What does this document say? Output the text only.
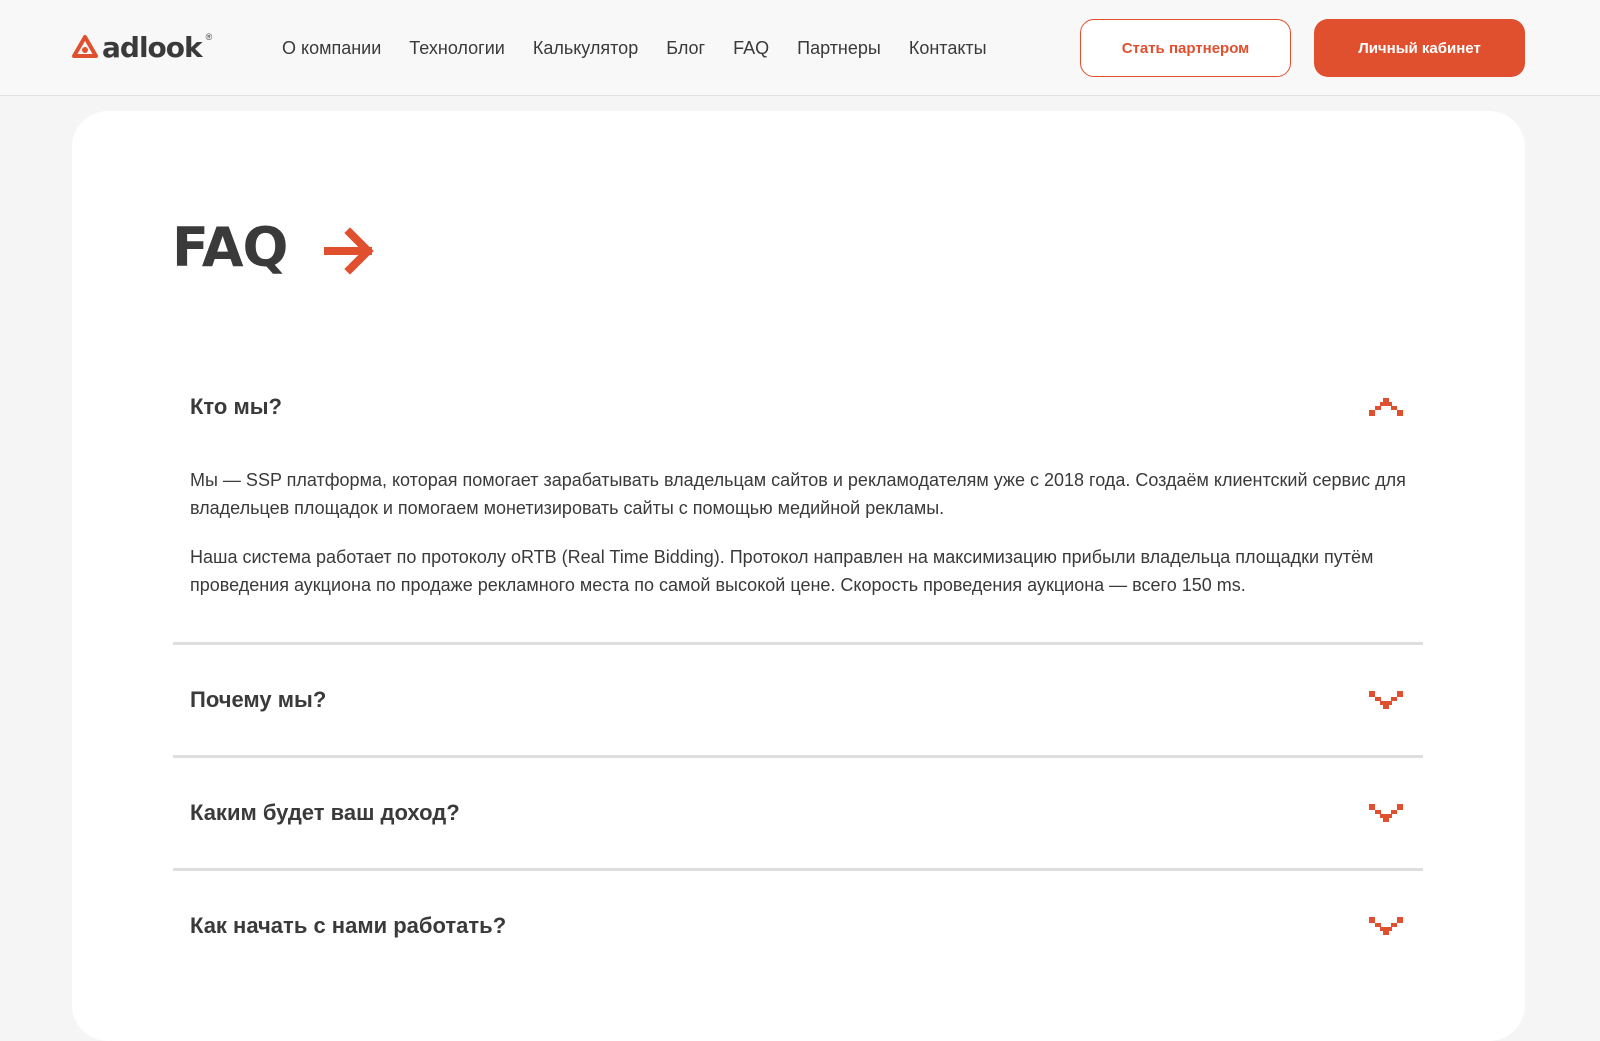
adlook ®
О компании Технологии Калькулятор Блог FAQ Партнеры Контакты	Стать партнером	Личный кабинет
FAQ
Кто мы?

Мы — SSP платформа, которая помогает зарабатывать владельцам сайтов и рекламодателям уже с 2018 года. Создаём клиентский сервис для владельцев площадок и помогаем монетизировать сайты с помощью медийной рекламы.

Наша система работает по протоколу oRTB (Real Time Bidding). Протокол направлен на максимизацию прибыли владельца площадки путём проведения аукциона по продаже рекламного места по самой высокой цене. Скорость проведения аукциона — всего 150 ms.

Почему мы?
Каким будет ваш доход?
Как начать с нами работать?
